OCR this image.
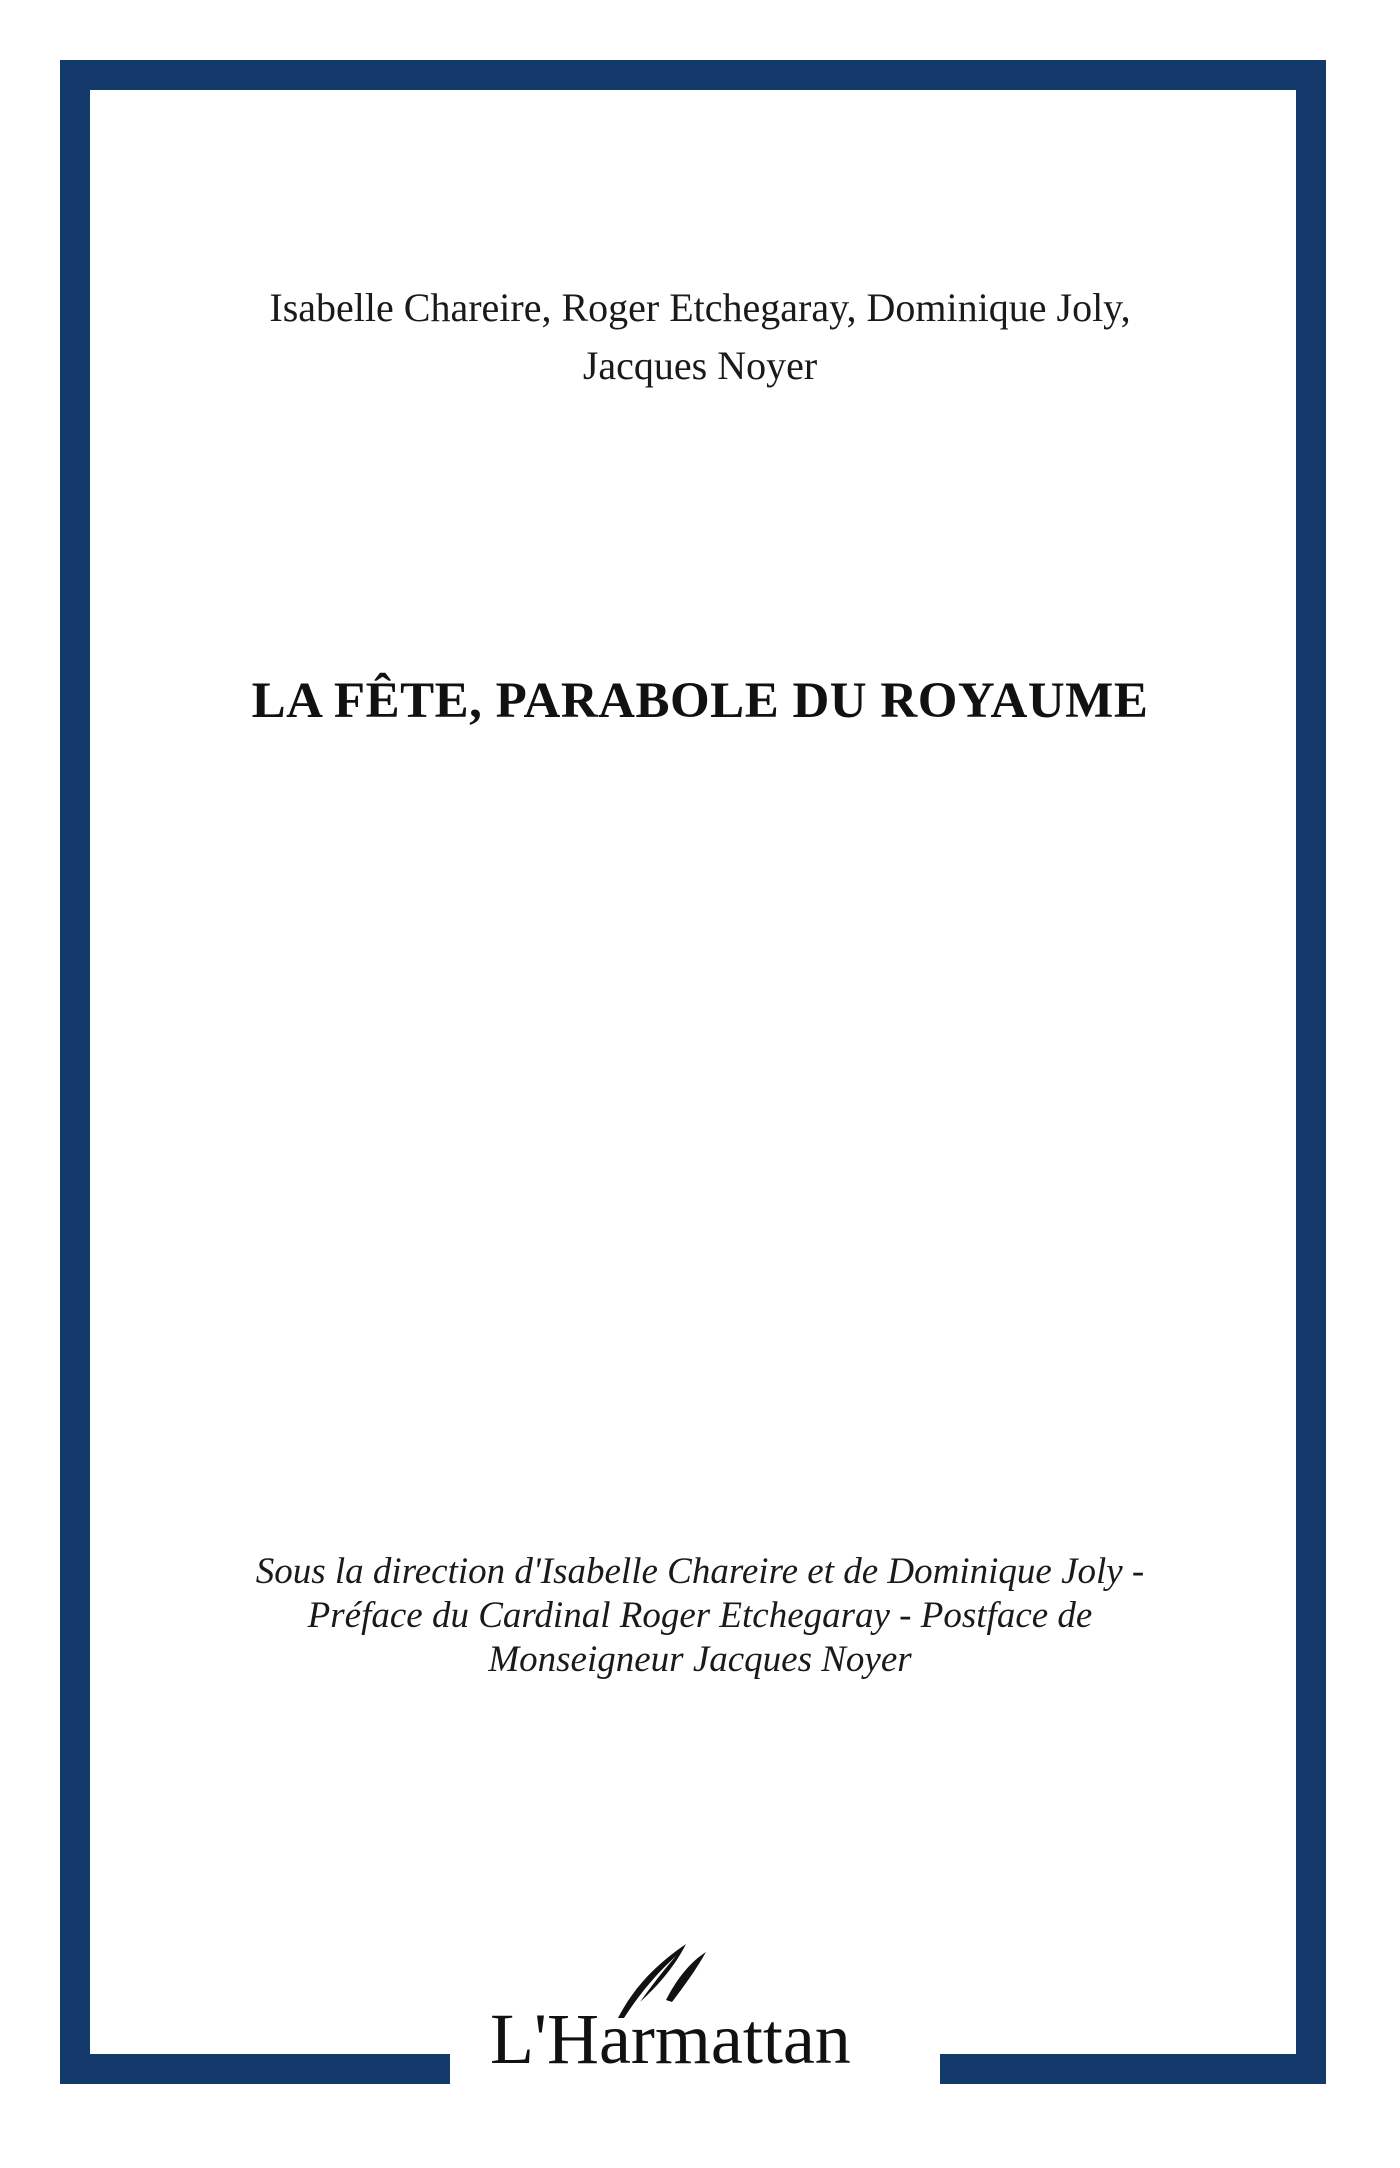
Isabelle Chareire, Roger Etchegaray, Dominique Joly,
Jacques Noyer
LA FÊTE, PARABOLE DU ROYAUME
Sous la direction d'Isabelle Chareire et de Dominique Joly -
Préface du Cardinal Roger Etchegaray - Postface de
Monseigneur Jacques Noyer
L'Harmattan
